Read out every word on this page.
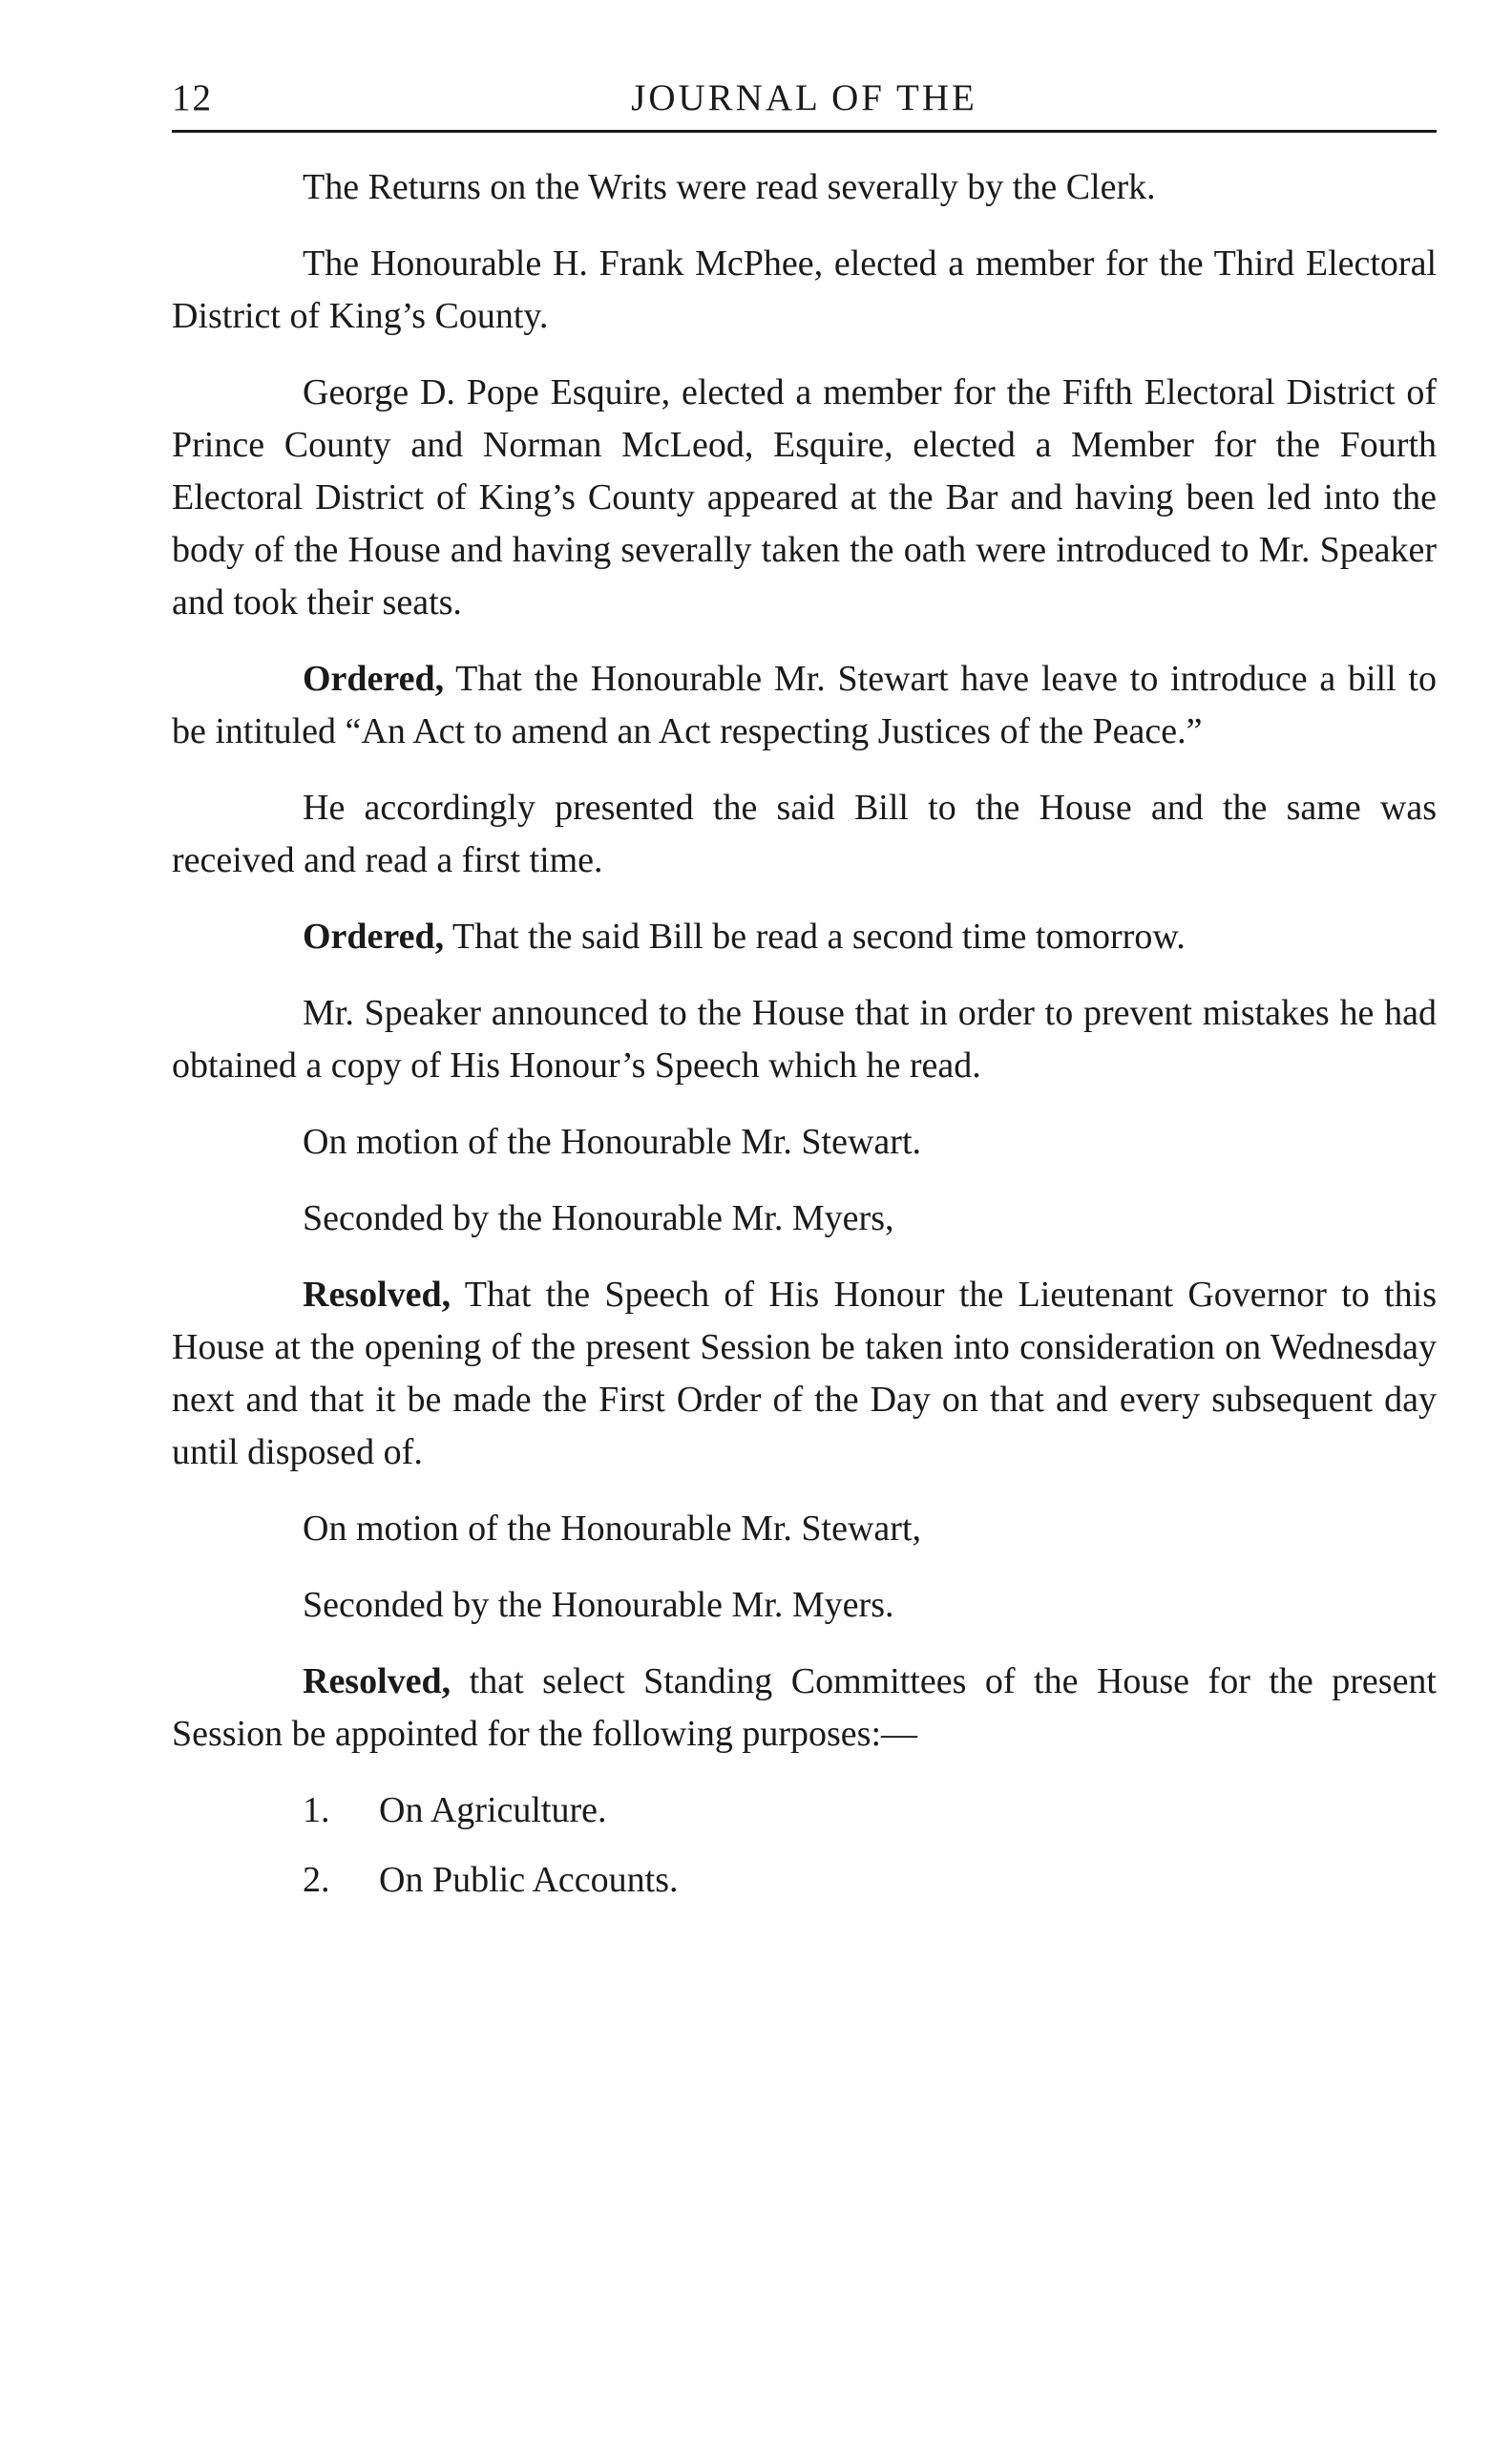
12	JOURNAL OF THE

The Returns on the Writs were read severally by the Clerk.

The Honourable H. Frank McPhee, elected a member for the Third Electoral District of King’s County.

George D. Pope Esquire, elected a member for the Fifth Electoral District of Prince County and Norman McLeod, Esquire, elected a Member for the Fourth Electoral District of King’s County appeared at the Bar and having been led into the body of the House and having severally taken the oath were introduced to Mr. Speaker and took their seats.

Ordered, That the Honourable Mr. Stewart have leave to introduce a bill to be intituled “An Act to amend an Act respecting Justices of the Peace.”

He accordingly presented the said Bill to the House and the same was received and read a first time.

Ordered, That the said Bill be read a second time tomorrow.

Mr. Speaker announced to the House that in order to prevent mistakes he had obtained a copy of His Honour’s Speech which he read.

On motion of the Honourable Mr. Stewart.

Seconded by the Honourable Mr. Myers,

Resolved, That the Speech of His Honour the Lieutenant Governor to this House at the opening of the present Session be taken into consideration on Wednesday next and that it be made the First Order of the Day on that and every subsequent day until disposed of.

On motion of the Honourable Mr. Stewart,

Seconded by the Honourable Mr. Myers.

Resolved, that select Standing Committees of the House for the present Session be appointed for the following purposes:—

1.	On Agriculture.
2.	On Public Accounts.
